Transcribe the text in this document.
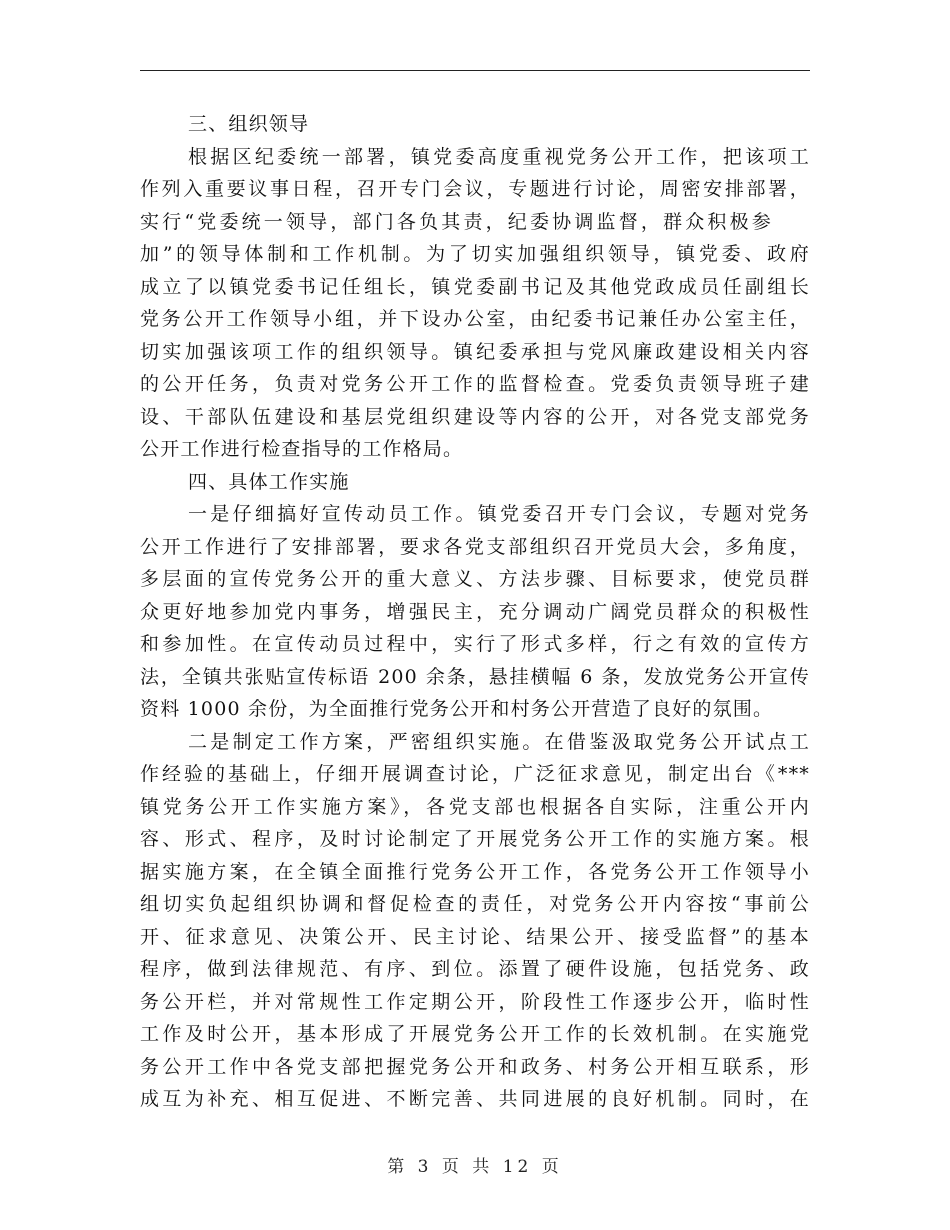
三、组织领导
根据区纪委统一部署，镇党委高度重视党务公开工作，把该项工
作列入重要议事日程，召开专门会议，专题进行讨论，周密安排部署，
实行“党委统一领导，部门各负其责，纪委协调监督，群众积极参
加”的领导体制和工作机制。为了切实加强组织领导，镇党委、政府
成立了以镇党委书记任组长，镇党委副书记及其他党政成员任副组长
党务公开工作领导小组，并下设办公室，由纪委书记兼任办公室主任，
切实加强该项工作的组织领导。镇纪委承担与党风廉政建设相关内容
的公开任务，负责对党务公开工作的监督检查。党委负责领导班子建
设、干部队伍建设和基层党组织建设等内容的公开，对各党支部党务
公开工作进行检查指导的工作格局。
四、具体工作实施
一是仔细搞好宣传动员工作。镇党委召开专门会议，专题对党务
公开工作进行了安排部署，要求各党支部组织召开党员大会，多角度，
多层面的宣传党务公开的重大意义、方法步骤、目标要求，使党员群
众更好地参加党内事务，增强民主，充分调动广阔党员群众的积极性
和参加性。在宣传动员过程中，实行了形式多样，行之有效的宣传方
法，全镇共张贴宣传标语 200 余条，悬挂横幅 6 条，发放党务公开宣传
资料 1000 余份，为全面推行党务公开和村务公开营造了良好的氛围。
二是制定工作方案，严密组织实施。在借鉴汲取党务公开试点工
作经验的基础上，仔细开展调查讨论，广泛征求意见，制定出台《***
镇党务公开工作实施方案》，各党支部也根据各自实际，注重公开内
容、形式、程序，及时讨论制定了开展党务公开工作的实施方案。根
据实施方案，在全镇全面推行党务公开工作，各党务公开工作领导小
组切实负起组织协调和督促检查的责任，对党务公开内容按“事前公
开、征求意见、决策公开、民主讨论、结果公开、接受监督”的基本
程序，做到法律规范、有序、到位。添置了硬件设施，包括党务、政
务公开栏，并对常规性工作定期公开，阶段性工作逐步公开，临时性
工作及时公开，基本形成了开展党务公开工作的长效机制。在实施党
务公开工作中各党支部把握党务公开和政务、村务公开相互联系，形
成互为补充、相互促进、不断完善、共同进展的良好机制。同时，在
第 3 页 共 12 页
